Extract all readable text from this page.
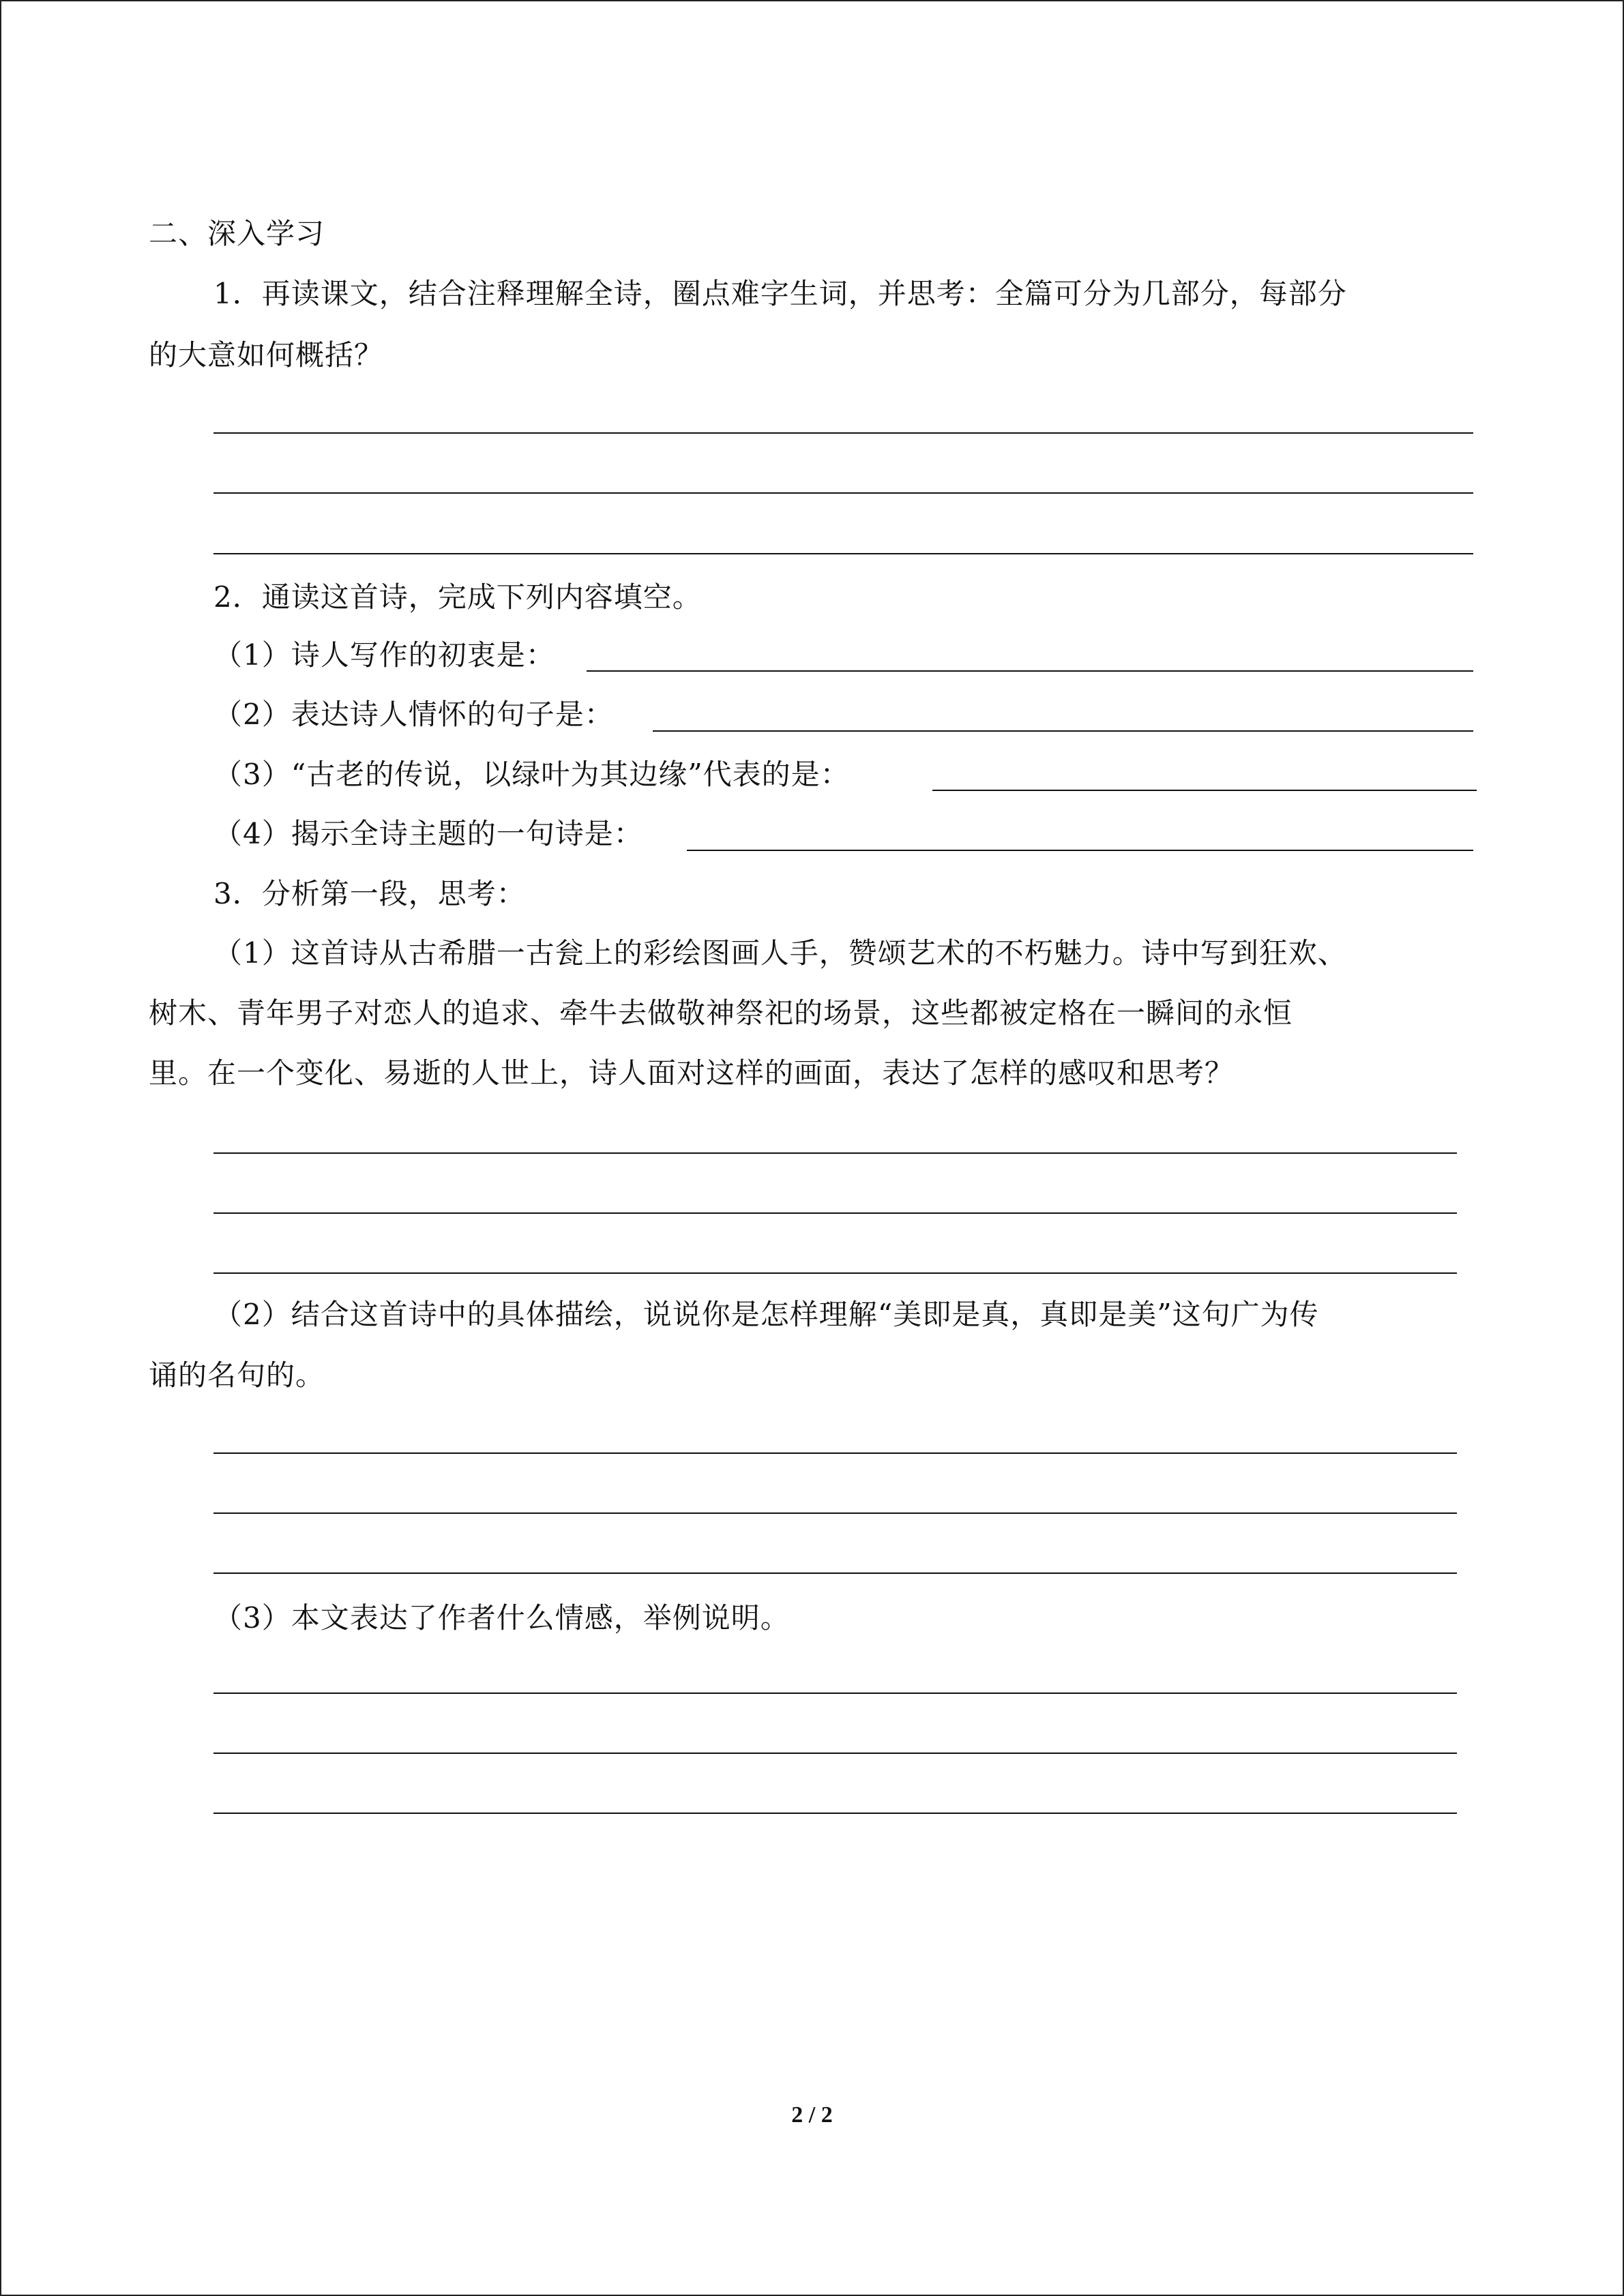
二、深入学习
1．再读课文，结合注释理解全诗，圈点难字生词，并思考：全篇可分为几部分，每部分
的大意如何概括？
2．通读这首诗，完成下列内容填空。
（1）诗人写作的初衷是：
（2）表达诗人情怀的句子是：
（3）“古老的传说，以绿叶为其边缘”代表的是：
（4）揭示全诗主题的一句诗是：
3．分析第一段，思考：
（1）这首诗从古希腊一古瓮上的彩绘图画人手，赞颂艺术的不朽魅力。诗中写到狂欢、
树木、青年男子对恋人的追求、牵牛去做敬神祭祀的场景，这些都被定格在一瞬间的永恒
里。在一个变化、易逝的人世上，诗人面对这样的画面，表达了怎样的感叹和思考？
（2）结合这首诗中的具体描绘，说说你是怎样理解“美即是真，真即是美”这句广为传
诵的名句的。
（3）本文表达了作者什么情感，举例说明。
2 / 2
